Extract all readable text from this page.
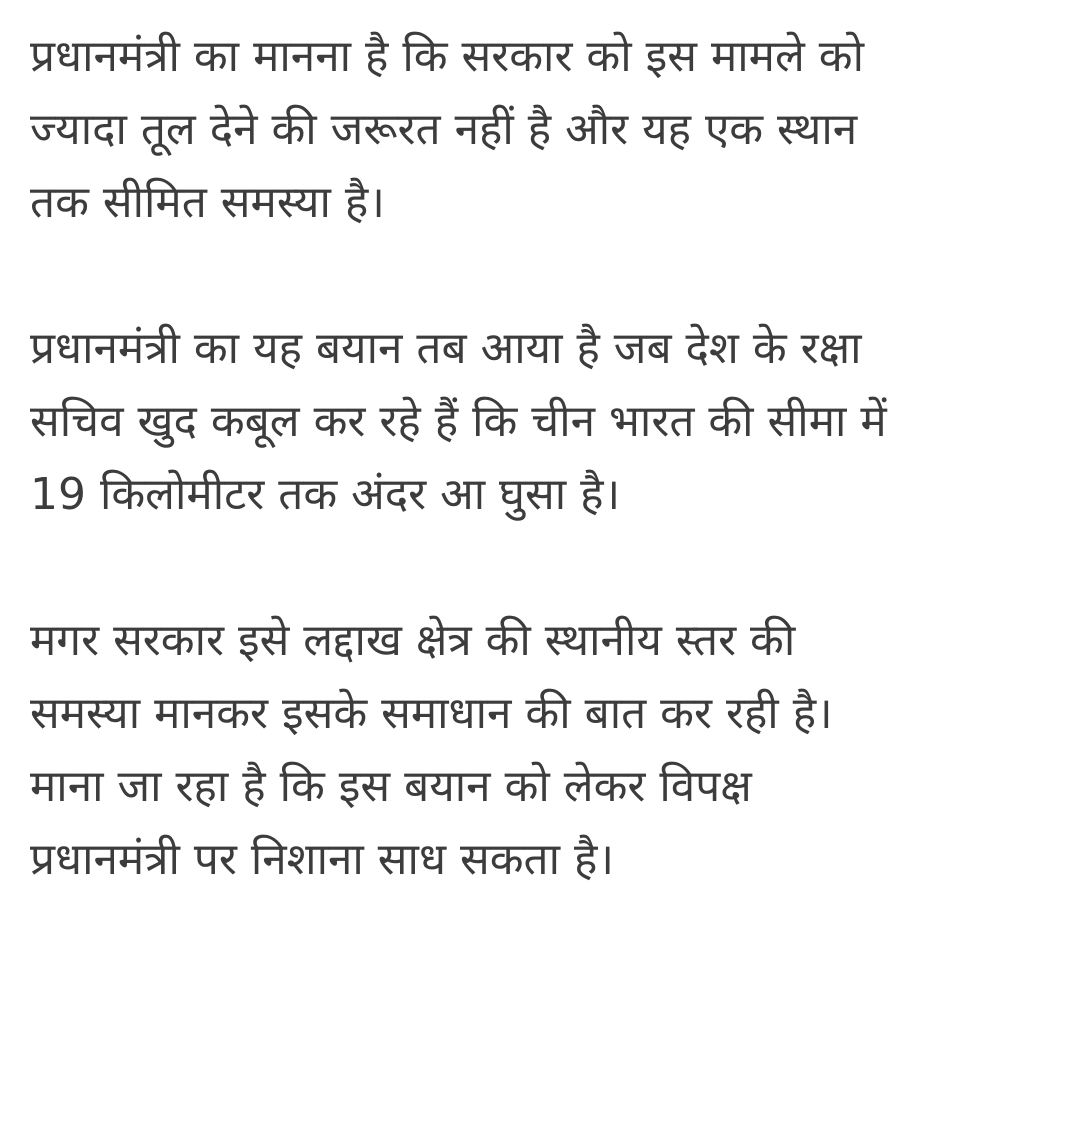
प्रधानमंत्री का मानना है कि सरकार को इस मामले को
ज्यादा तूल देने की जरूरत नहीं है और यह एक स्थान
तक सीमित समस्या है।

प्रधानमंत्री का यह बयान तब आया है जब देश के रक्षा
सचिव खुद कबूल कर रहे हैं कि चीन भारत की सीमा में
19 किलोमीटर तक अंदर आ घुसा है।

मगर सरकार इसे लद्दाख क्षेत्र की स्थानीय स्तर की
समस्या मानकर इसके समाधान की बात कर रही है।
माना जा रहा है कि इस बयान को लेकर विपक्ष
प्रधानमंत्री पर निशाना साध सकता है।
